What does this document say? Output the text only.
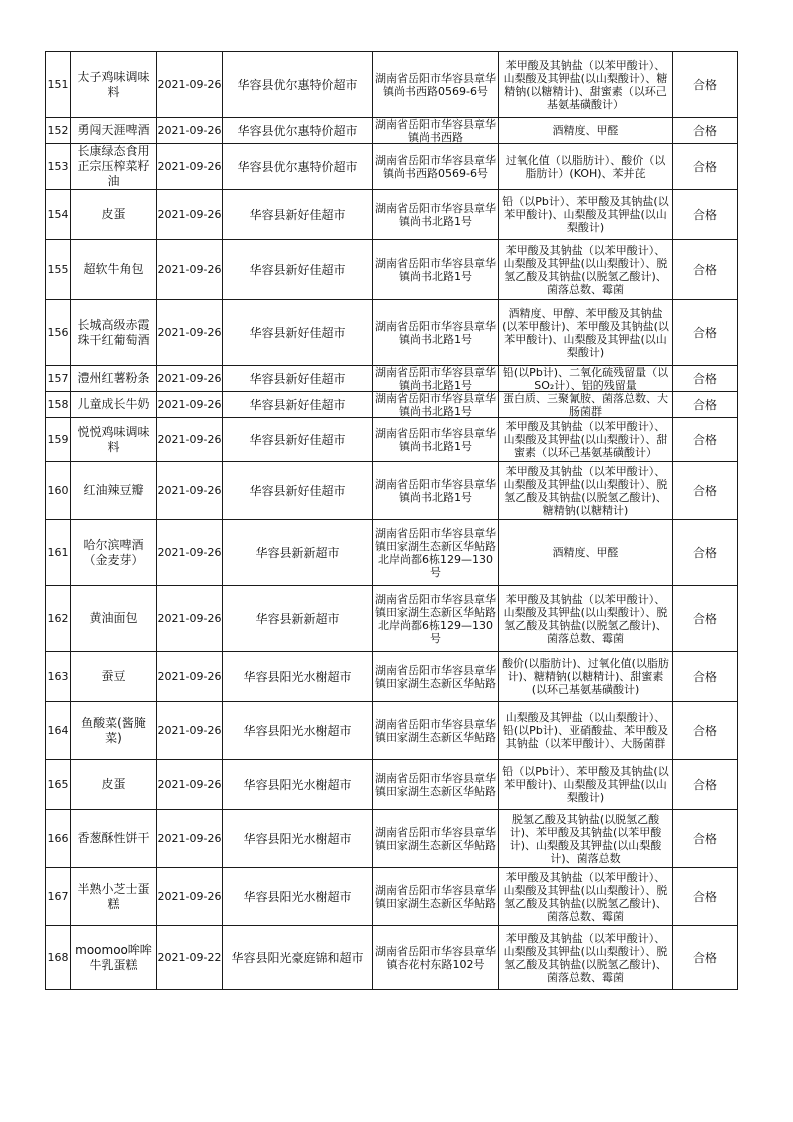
151	太子鸡味调味料	2021-09-26	华容县优尔惠特价超市	湖南省岳阳市华容县章华镇尚书西路0569-6号	苯甲酸及其钠盐（以苯甲酸计）、山梨酸及其钾盐(以山梨酸计）、糖精钠(以糖精计)、甜蜜素（以环己基氨基磺酸计）	合格

152	勇闯天涯啤酒	2021-09-26	华容县优尔惠特价超市	湖南省岳阳市华容县章华镇尚书西路	酒精度、甲醛	合格

153	长康绿态食用正宗压榨菜籽油	2021-09-26	华容县优尔惠特价超市	湖南省岳阳市华容县章华镇尚书西路0569-6号	过氧化值（以脂肪计）、酸价（以脂肪计）(KOH)、苯并芘	合格

154	皮蛋	2021-09-26	华容县新好佳超市	湖南省岳阳市华容县章华镇尚书北路1号	铅（以Pb计）、苯甲酸及其钠盐(以苯甲酸计)、山梨酸及其钾盐(以山梨酸计)	合格

155	超软牛角包	2021-09-26	华容县新好佳超市	湖南省岳阳市华容县章华镇尚书北路1号	苯甲酸及其钠盐（以苯甲酸计）、山梨酸及其钾盐(以山梨酸计）、脱氢乙酸及其钠盐(以脱氢乙酸计)、菌落总数、霉菌	合格

156	长城高级赤霞珠干红葡萄酒	2021-09-26	华容县新好佳超市	湖南省岳阳市华容县章华镇尚书北路1号	酒精度、甲醇、苯甲酸及其钠盐(以苯甲酸计)、苯甲酸及其钠盐(以苯甲酸计)、山梨酸及其钾盐(以山梨酸计)	合格

157	澧州红薯粉条	2021-09-26	华容县新好佳超市	湖南省岳阳市华容县章华镇尚书北路1号	铅(以Pb计)、二氧化硫残留量（以SO₂计）、铝的残留量	合格

158	儿童成长牛奶	2021-09-26	华容县新好佳超市	湖南省岳阳市华容县章华镇尚书北路1号	蛋白质、三聚氰胺、菌落总数、大肠菌群	合格

159	悦悦鸡味调味料	2021-09-26	华容县新好佳超市	湖南省岳阳市华容县章华镇尚书北路1号	苯甲酸及其钠盐（以苯甲酸计）、山梨酸及其钾盐(以山梨酸计）、甜蜜素（以环己基氨基磺酸计）	合格

160	红油辣豆瓣	2021-09-26	华容县新好佳超市	湖南省岳阳市华容县章华镇尚书北路1号	苯甲酸及其钠盐（以苯甲酸计）、山梨酸及其钾盐(以山梨酸计）、脱氢乙酸及其钠盐(以脱氢乙酸计)、糖精钠(以糖精计)	合格

161	哈尔滨啤酒（金麦芽）	2021-09-26	华容县新新超市	湖南省岳阳市华容县章华镇田家湖生态新区华鲇路北岸尚都6栋129—130号	酒精度、甲醛	合格

162	黄油面包	2021-09-26	华容县新新超市	湖南省岳阳市华容县章华镇田家湖生态新区华鲇路北岸尚都6栋129—130号	苯甲酸及其钠盐（以苯甲酸计）、山梨酸及其钾盐(以山梨酸计）、脱氢乙酸及其钠盐(以脱氢乙酸计)、菌落总数、霉菌	合格

163	蚕豆	2021-09-26	华容县阳光水榭超市	湖南省岳阳市华容县章华镇田家湖生态新区华鲇路	酸价(以脂肪计)、过氧化值(以脂肪计)、糖精钠(以糖精计)、甜蜜素(以环己基氨基磺酸计)	合格

164	鱼酸菜(酱腌菜)	2021-09-26	华容县阳光水榭超市	湖南省岳阳市华容县章华镇田家湖生态新区华鲇路	山梨酸及其钾盐（以山梨酸计）、铅(以Pb计)、亚硝酸盐、苯甲酸及其钠盐（以苯甲酸计）、大肠菌群	合格

165	皮蛋	2021-09-26	华容县阳光水榭超市	湖南省岳阳市华容县章华镇田家湖生态新区华鲇路	铅（以Pb计）、苯甲酸及其钠盐(以苯甲酸计)、山梨酸及其钾盐(以山梨酸计)	合格

166	香葱酥性饼干	2021-09-26	华容县阳光水榭超市	湖南省岳阳市华容县章华镇田家湖生态新区华鲇路	脱氢乙酸及其钠盐(以脱氢乙酸计)、苯甲酸及其钠盐(以苯甲酸计)、山梨酸及其钾盐(以山梨酸计)、菌落总数	合格

167	半熟小芝士蛋糕	2021-09-26	华容县阳光水榭超市	湖南省岳阳市华容县章华镇田家湖生态新区华鲇路	苯甲酸及其钠盐（以苯甲酸计）、山梨酸及其钾盐(以山梨酸计）、脱氢乙酸及其钠盐(以脱氢乙酸计)、菌落总数、霉菌	合格

168	moomoo哞哞牛乳蛋糕	2021-09-22	华容县阳光豪庭锦和超市	湖南省岳阳市华容县章华镇杏花村东路102号	苯甲酸及其钠盐（以苯甲酸计）、山梨酸及其钾盐(以山梨酸计）、脱氢乙酸及其钠盐(以脱氢乙酸计)、菌落总数、霉菌	合格
